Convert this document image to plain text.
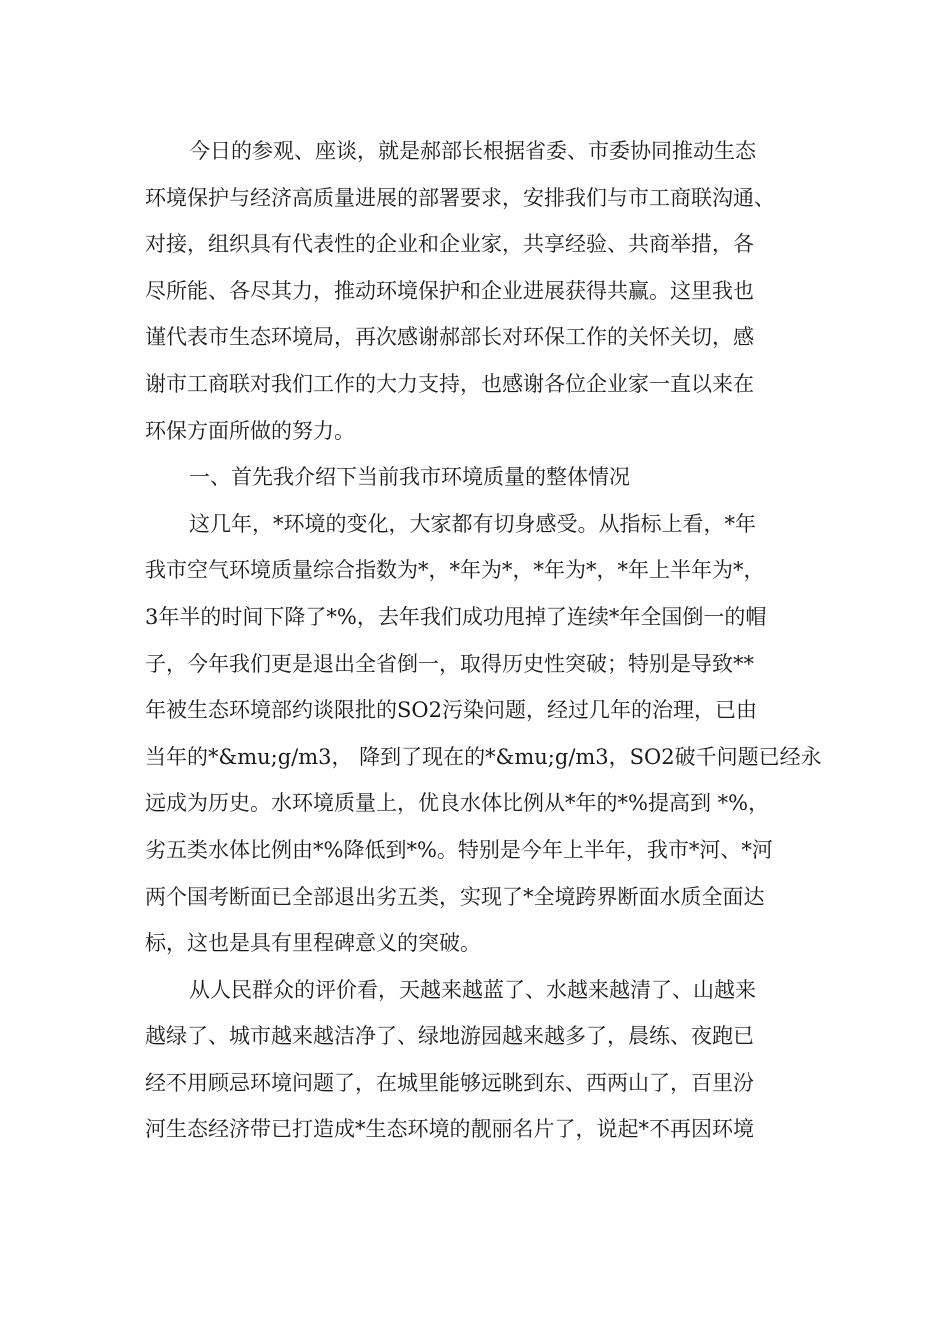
今日的参观、座谈，就是郝部长根据省委、市委协同推动生态
环境保护与经济高质量进展的部署要求，安排我们与市工商联沟通、
对接，组织具有代表性的企业和企业家，共享经验、共商举措，各
尽所能、各尽其力，推动环境保护和企业进展获得共赢。这里我也
谨代表市生态环境局，再次感谢郝部长对环保工作的关怀关切，感
谢市工商联对我们工作的大力支持，也感谢各位企业家一直以来在
环保方面所做的努力。
一、首先我介绍下当前我市环境质量的整体情况
这几年，*环境的变化，大家都有切身感受。从指标上看，*年
我市空气环境质量综合指数为*，*年为*，*年为*，*年上半年为*，
3年半的时间下降了*%，去年我们成功甩掉了连续*年全国倒一的帽
子，今年我们更是退出全省倒一，取得历史性突破；特别是导致**
年被生态环境部约谈限批的SO2污染问题，经过几年的治理，已由
当年的*&mu;g/m3， 降到了现在的*&mu;g/m3，SO2破千问题已经永
远成为历史。水环境质量上，优良水体比例从*年的*%提高到 *%，
劣五类水体比例由*%降低到*%。特别是今年上半年，我市*河、*河
两个国考断面已全部退出劣五类，实现了*全境跨界断面水质全面达
标，这也是具有里程碑意义的突破。
从人民群众的评价看，天越来越蓝了、水越来越清了、山越来
越绿了、城市越来越洁净了、绿地游园越来越多了，晨练、夜跑已
经不用顾忌环境问题了，在城里能够远眺到东、西两山了，百里汾
河生态经济带已打造成*生态环境的靓丽名片了，说起*不再因环境
